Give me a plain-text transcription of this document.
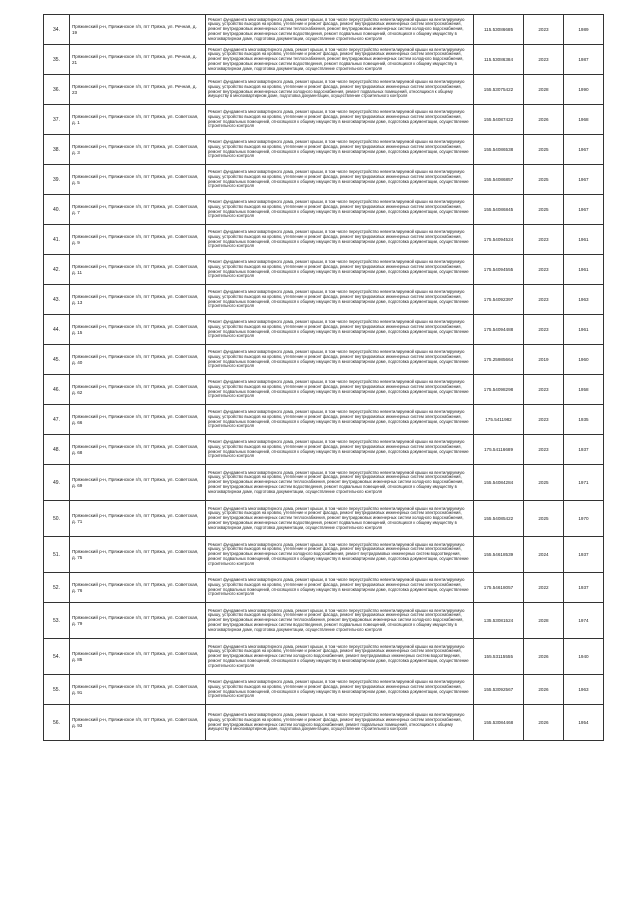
34.	Пряжинский р-н, Пряжинское г/п, пгт Пряжа, ул. Речная, д. 19	Ремонт фундамента многоквартирного дома, ремонт крыши, в том числе переустройство невентилируемой крыши на вентилируемую крышу, устройство выходов на кровлю, утепление и ремонт фасада, ремонт внутридомовых инженерных систем электроснабжения, ремонт внутридомовых инженерных систем теплоснабжения, ремонт внутридомовых инженерных систем холодного водоснабжения, ремонт внутридомовых инженерных систем водоотведения, ремонт подвальных помещений, относящихся к общему имуществу в многоквартирном доме, подготовка документации, осуществление строительного контроля	115.53086685	2023	1989
35.	Пряжинский р-н, Пряжинское г/п, пгт Пряжа, ул. Речная, д. 21	Ремонт фундамента многоквартирного дома, ремонт крыши, в том числе переустройство невентилируемой крыши на вентилируемую крышу, устройство выходов на кровлю, утепление и ремонт фасада, ремонт внутридомовых инженерных систем электроснабжения, ремонт внутридомовых инженерных систем теплоснабжения, ремонт внутридомовых инженерных систем холодного водоснабжения, ремонт внутридомовых инженерных систем водоотведения, ремонт подвальных помещений, относящихся к общему имуществу в многоквартирном доме, подготовка документации, осуществление строительного контроля	115.53086384	2023	1987
36.	Пряжинский р-н, Пряжинское г/п, пгт Пряжа, ул. Речная, д. 23	Ремонт фундамента многоквартирного дома, ремонт крыши, в том числе переустройство невентилируемой крыши на вентилируемую крышу, устройство выходов на кровлю, утепление и ремонт фасада, ремонт внутридомовых инженерных систем электроснабжения, ремонт внутридомовых инженерных систем холодного водоснабжения, ремонт подвальных помещений, относящихся к общему имуществу в многоквартирном доме, подготовка документации, осуществление строительного контроля	155.53075422	2028	1990
37.	Пряжинский р-н, Пряжинское г/п, пгт Пряжа, ул. Советская, д. 1	Ремонт фундамента многоквартирного дома, ремонт крыши, в том числе переустройство невентилируемой крыши на вентилируемую крышу, устройство выходов на кровлю, утепление и ремонт фасада, ремонт внутридомовых инженерных систем электроснабжения, ремонт подвальных помещений, относящихся к общему имуществу в многоквартирном доме, подготовка документации, осуществление строительного контроля	155.54087422	2026	1968
38.	Пряжинский р-н, Пряжинское г/п, пгт Пряжа, ул. Советская, д. 3	Ремонт фундамента многоквартирного дома, ремонт крыши, в том числе переустройство невентилируемой крыши на вентилируемую крышу, устройство выходов на кровлю, утепление и ремонт фасада, ремонт внутридомовых инженерных систем электроснабжения, ремонт подвальных помещений, относящихся к общему имуществу в многоквартирном доме, подготовка документации, осуществление строительного контроля	155.54086538	2025	1967
39.	Пряжинский р-н, Пряжинское г/п, пгт Пряжа, ул. Советская, д. 5	Ремонт фундамента многоквартирного дома, ремонт крыши, в том числе переустройство невентилируемой крыши на вентилируемую крышу, устройство выходов на кровлю, утепление и ремонт фасада, ремонт внутридомовых инженерных систем электроснабжения, ремонт подвальных помещений, относящихся к общему имуществу в многоквартирном доме, подготовка документации, осуществление строительного контроля	155.54086857	2025	1967
40.	Пряжинский р-н, Пряжинское г/п, пгт Пряжа, ул. Советская, д. 7	Ремонт фундамента многоквартирного дома, ремонт крыши, в том числе переустройство невентилируемой крыши на вентилируемую крышу, устройство выходов на кровлю, утепление и ремонт фасада, ремонт внутридомовых инженерных систем электроснабжения, ремонт подвальных помещений, относящихся к общему имуществу в многоквартирном доме, подготовка документации, осуществление строительного контроля	155.54086845	2025	1967
41.	Пряжинский р-н, Пряжинское г/п, пгт Пряжа, ул. Советская, д. 9	Ремонт фундамента многоквартирного дома, ремонт крыши, в том числе переустройство невентилируемой крыши на вентилируемую крышу, устройство выходов на кровлю, утепление и ремонт фасада, ремонт внутридомовых инженерных систем электроснабжения, ремонт подвальных помещений, относящихся к общему имуществу в многоквартирном доме, подготовка документации, осуществление строительного контроля	175.54094524	2023	1961
42.	Пряжинский р-н, Пряжинское г/п, пгт Пряжа, ул. Советская, д. 11	Ремонт фундамента многоквартирного дома, ремонт крыши, в том числе переустройство невентилируемой крыши на вентилируемую крышу, устройство выходов на кровлю, утепление и ремонт фасада, ремонт внутридомовых инженерных систем электроснабжения, ремонт подвальных помещений, относящихся к общему имуществу в многоквартирном доме, подготовка документации, осуществление строительного контроля	175.54094555	2023	1961
43.	Пряжинский р-н, Пряжинское г/п, пгт Пряжа, ул. Советская, д. 13	Ремонт фундамента многоквартирного дома, ремонт крыши, в том числе переустройство невентилируемой крыши на вентилируемую крышу, устройство выходов на кровлю, утепление и ремонт фасада, ремонт внутридомовых инженерных систем электроснабжения, ремонт подвальных помещений, относящихся к общему имуществу в многоквартирном доме, подготовка документации, осуществление строительного контроля	175.54092397	2023	1963
44.	Пряжинский р-н, Пряжинское г/п, пгт Пряжа, ул. Советская, д. 15	Ремонт фундамента многоквартирного дома, ремонт крыши, в том числе переустройство невентилируемой крыши на вентилируемую крышу, устройство выходов на кровлю, утепление и ремонт фасада, ремонт внутридомовых инженерных систем электроснабжения, ремонт подвальных помещений, относящихся к общему имуществу в многоквартирном доме, подготовка документации, осуществление строительного контроля	175.54094488	2023	1961
45.	Пряжинский р-н, Пряжинское г/п, пгт Пряжа, ул. Советская, д. 40	Ремонт фундамента многоквартирного дома, ремонт крыши, в том числе переустройство невентилируемой крыши на вентилируемую крышу, устройство выходов на кровлю, утепление и ремонт фасада, ремонт внутридомовых инженерных систем электроснабжения, ремонт подвальных помещений, относящихся к общему имуществу в многоквартирном доме, подготовка документации, осуществление строительного контроля	175.25985664	2019	1960
46.	Пряжинский р-н, Пряжинское г/п, пгт Пряжа, ул. Советская, д. 62	Ремонт фундамента многоквартирного дома, ремонт крыши, в том числе переустройство невентилируемой крыши на вентилируемую крышу, устройство выходов на кровлю, утепление и ремонт фасада, ремонт внутридомовых инженерных систем электроснабжения, ремонт подвальных помещений, относящихся к общему имуществу в многоквартирном доме, подготовка документации, осуществление строительного контроля	175.54098298	2023	1958
47.	Пряжинский р-н, Пряжинское г/п, пгт Пряжа, ул. Советская, д. 66	Ремонт фундамента многоквартирного дома, ремонт крыши, в том числе переустройство невентилируемой крыши на вентилируемую крышу, устройство выходов на кровлю, утепление и ремонт фасада, ремонт внутридомовых инженерных систем электроснабжения, ремонт подвальных помещений, относящихся к общему имуществу в многоквартирном доме, подготовка документации, осуществление строительного контроля	175.5411982	2023	1935
48.	Пряжинский р-н, Пряжинское г/п, пгт Пряжа, ул. Советская, д. 68	Ремонт фундамента многоквартирного дома, ремонт крыши, в том числе переустройство невентилируемой крыши на вентилируемую крышу, устройство выходов на кровлю, утепление и ремонт фасада, ремонт внутридомовых инженерных систем электроснабжения, ремонт подвальных помещений, относящихся к общему имуществу в многоквартирном доме, подготовка документации, осуществление строительного контроля	175.54116689	2023	1937
49.	Пряжинский р-н, Пряжинское г/п, пгт Пряжа, ул. Советская, д. 69	Ремонт фундамента многоквартирного дома, ремонт крыши, в том числе переустройство невентилируемой крыши на вентилируемую крышу, устройство выходов на кровлю, утепление и ремонт фасада, ремонт внутридомовых инженерных систем электроснабжения, ремонт внутридомовых инженерных систем теплоснабжения, ремонт внутридомовых инженерных систем холодного водоснабжения, ремонт внутридомовых инженерных систем водоотведения, ремонт подвальных помещений, относящихся к общему имуществу в многоквартирном доме, подготовка документации, осуществление строительного контроля	155.54084284	2025	1971
50.	Пряжинский р-н, Пряжинское г/п, пгт Пряжа, ул. Советская, д. 71	Ремонт фундамента многоквартирного дома, ремонт крыши, в том числе переустройство невентилируемой крыши на вентилируемую крышу, устройство выходов на кровлю, утепление и ремонт фасада, ремонт внутридомовых инженерных систем электроснабжения, ремонт внутридомовых инженерных систем теплоснабжения, ремонт внутридомовых инженерных систем холодного водоснабжения, ремонт внутридомовых инженерных систем водоотведения, ремонт подвальных помещений, относящихся к общему имуществу в многоквартирном доме, подготовка документации, осуществление строительного контроля	155.54085422	2025	1970
51.	Пряжинский р-н, Пряжинское г/п, пгт Пряжа, ул. Советская, д. 75	Ремонт фундамента многоквартирного дома, ремонт крыши, в том числе переустройство невентилируемой крыши на вентилируемую крышу, устройство выходов на кровлю, утепление и ремонт фасада, ремонт внутридомовых инженерных систем электроснабжения, ремонт внутридомовых инженерных систем холодного водоснабжения, ремонт внутридомовых инженерных систем водоотведения, ремонт подвальных помещений, относящихся к общему имуществу в многоквартирном доме, подготовка документации, осуществление строительного контроля	155.54618539	2024	1937
52.	Пряжинский р-н, Пряжинское г/п, пгт Пряжа, ул. Советская, д. 76	Ремонт фундамента многоквартирного дома, ремонт крыши, в том числе переустройство невентилируемой крыши на вентилируемую крышу, устройство выходов на кровлю, утепление и ремонт фасада, ремонт внутридомовых инженерных систем электроснабжения, ремонт подвальных помещений, относящихся к общему имуществу в многоквартирном доме, подготовка документации, осуществление строительного контроля	175.54618057	2022	1937
53.	Пряжинский р-н, Пряжинское г/п, пгт Пряжа, ул. Советская, д. 79	Ремонт фундамента многоквартирного дома, ремонт крыши, в том числе переустройство невентилируемой крыши на вентилируемую крышу, устройство выходов на кровлю, утепление и ремонт фасада, ремонт внутридомовых инженерных систем электроснабжения, ремонт внутридомовых инженерных систем теплоснабжения, ремонт внутридомовых инженерных систем холодного водоснабжения, ремонт внутридомовых инженерных систем водоотведения, ремонт подвальных помещений, относящихся к общему имуществу в многоквартирном доме, подготовка документации, осуществление строительного контроля	135.53081524	2028	1974
54.	Пряжинский р-н, Пряжинское г/п, пгт Пряжа, ул. Советская, д. 85	Ремонт фундамента многоквартирного дома, ремонт крыши, в том числе переустройство невентилируемой крыши на вентилируемую крышу, устройство выходов на кровлю, утепление и ремонт фасада, ремонт внутридомовых инженерных систем электроснабжения, ремонт внутридомовых инженерных систем холодного водоснабжения, ремонт внутридомовых инженерных систем водоотведения, ремонт подвальных помещений, относящихся к общему имуществу в многоквартирном доме, подготовка документации, осуществление строительного контроля	155.53115555	2026	1940
55.	Пряжинский р-н, Пряжинское г/п, пгт Пряжа, ул. Советская, д. 91	Ремонт фундамента многоквартирного дома, ремонт крыши, в том числе переустройство невентилируемой крыши на вентилируемую крышу, устройство выходов на кровлю, утепление и ремонт фасада, ремонт внутридомовых инженерных систем электроснабжения, ремонт подвальных помещений, относящихся к общему имуществу в многоквартирном доме, подготовка документации, осуществление строительного контроля	155.53092567	2026	1963
56.	Пряжинский р-н, Пряжинское г/п, пгт Пряжа, ул. Советская, д. 93	Ремонт фундамента многоквартирного дома, ремонт крыши, в том числе переустройство невентилируемой крыши на вентилируемую крышу, устройство выходов на кровлю, утепление и ремонт фасада, ремонт внутридомовых инженерных систем электроснабжения, ремонт внутридомовых инженерных систем холодного водоснабжения, ремонт подвальных помещений, относящихся к общему имуществу в многоквартирном доме, подготовка документации, осуществление строительного контроля	155.53084468	2026	1954
